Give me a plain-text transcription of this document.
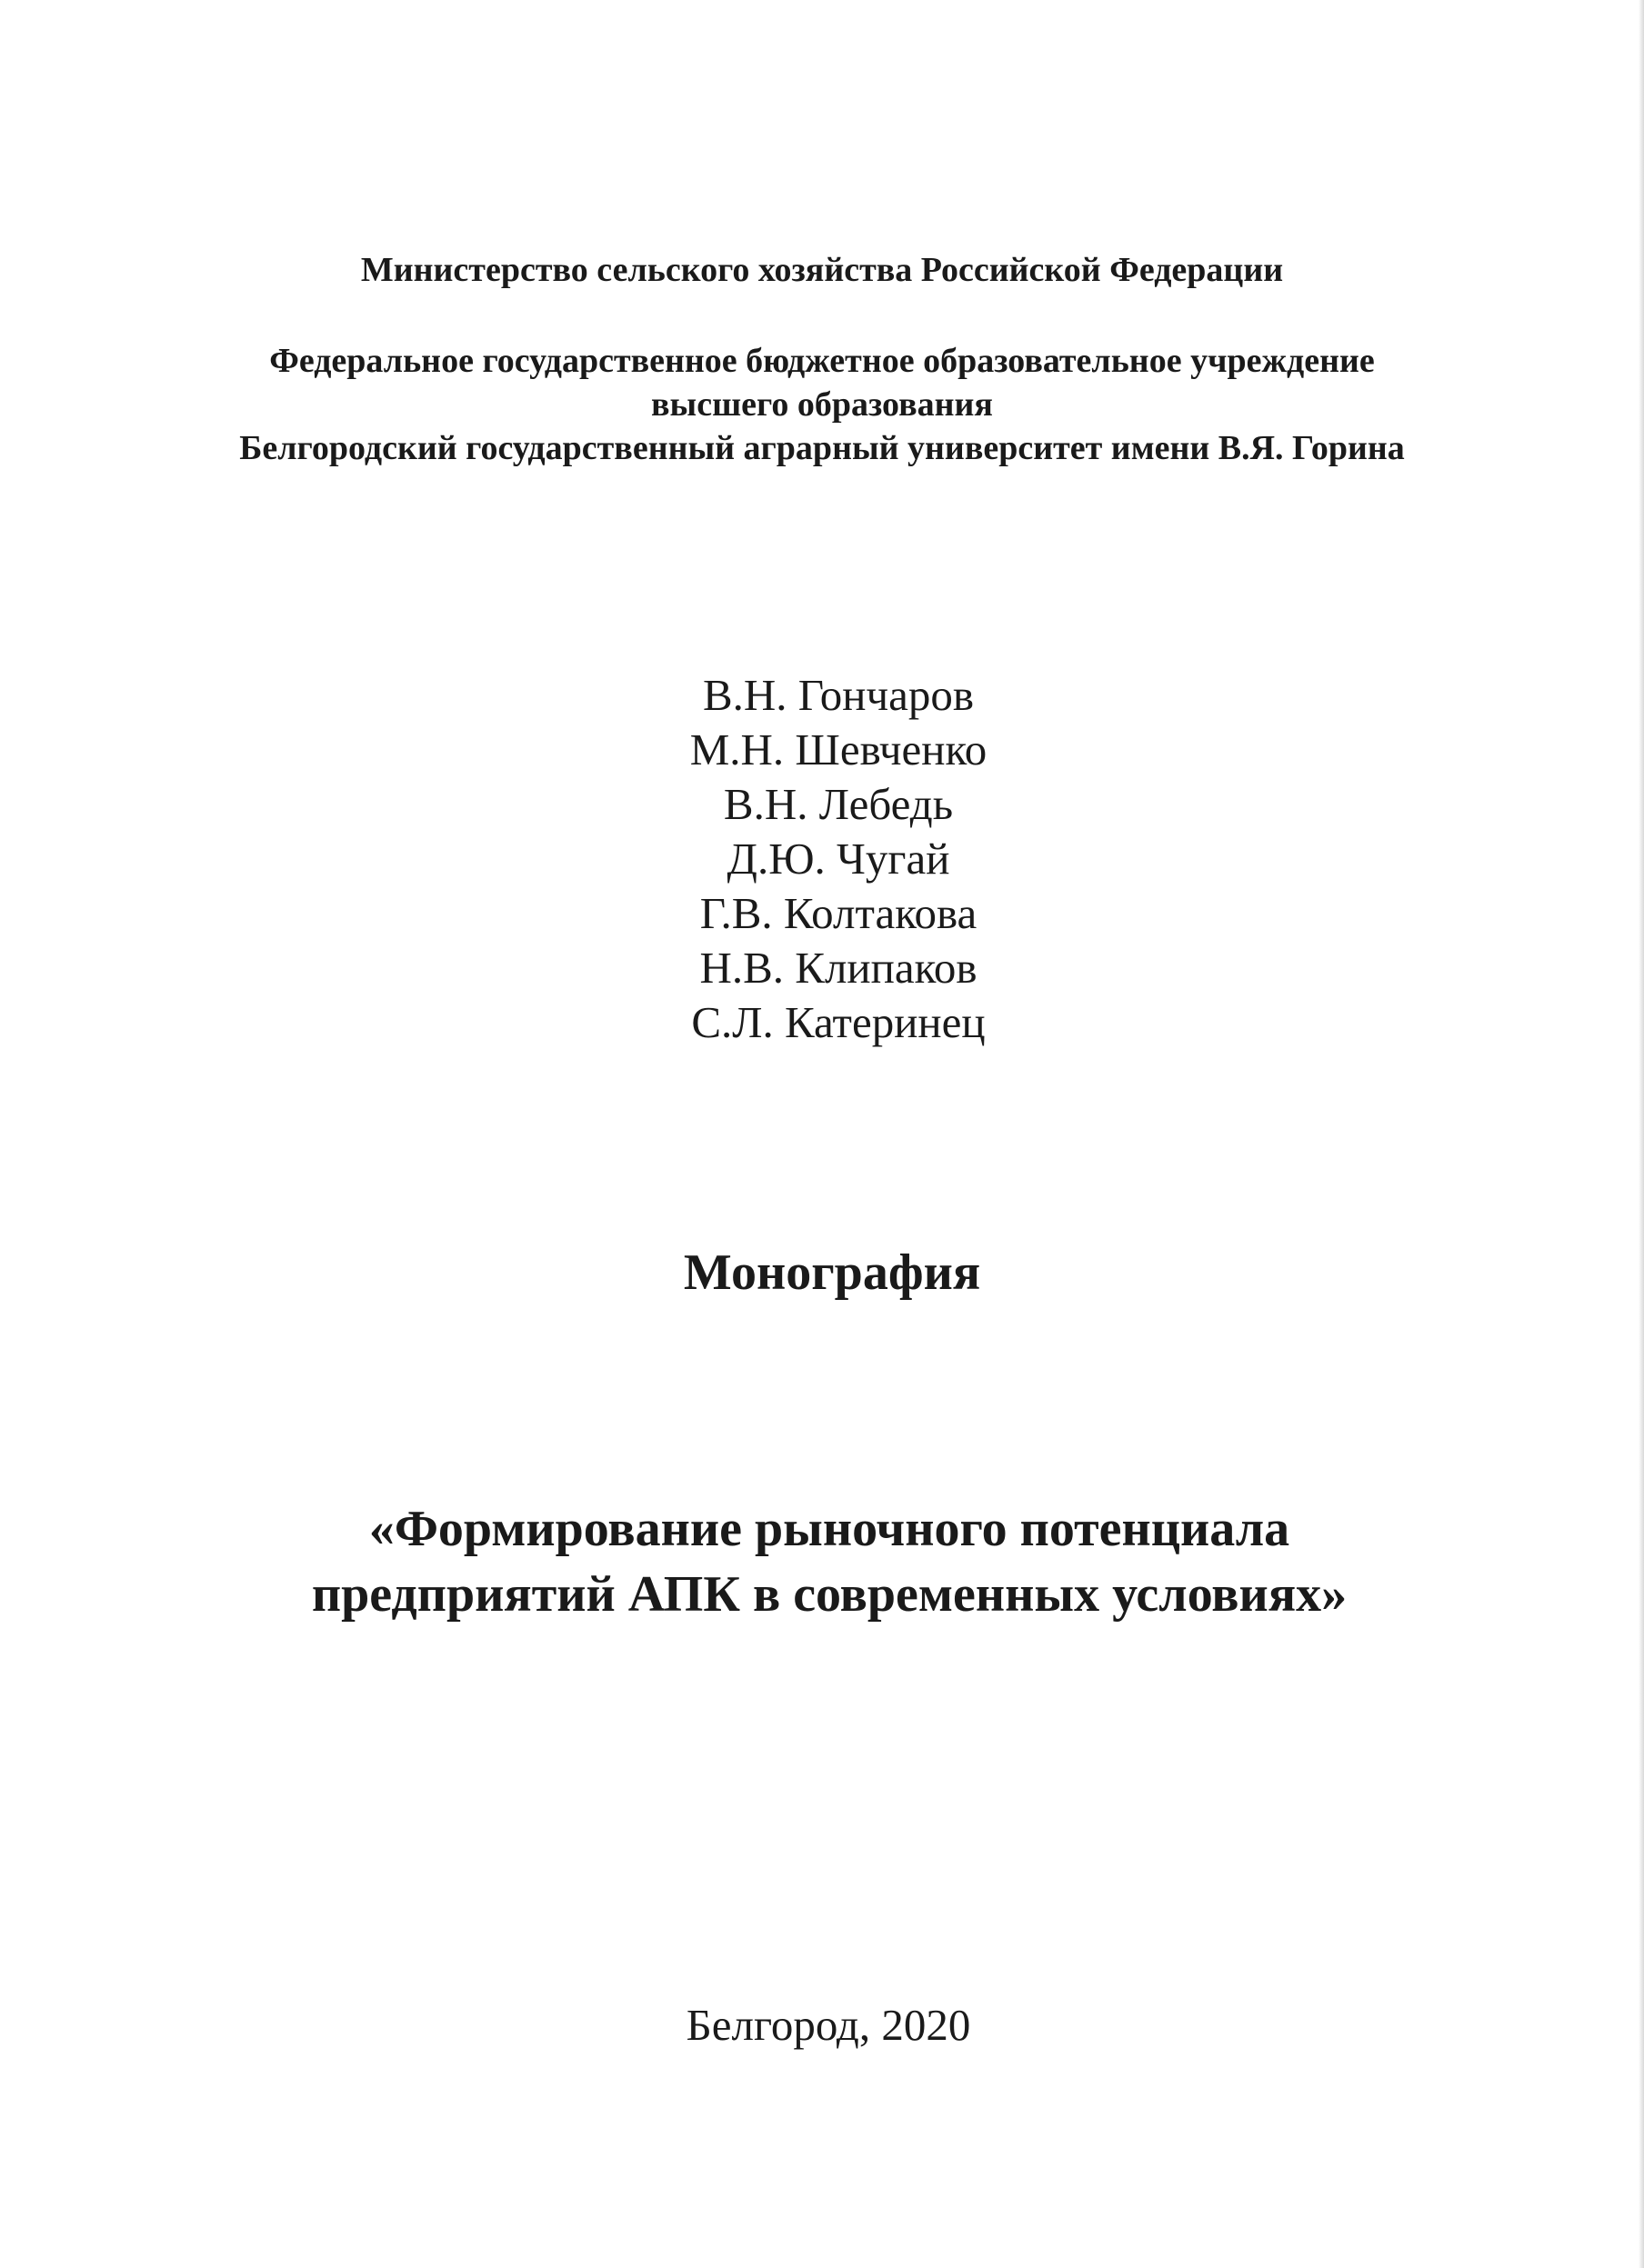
Министерство сельского хозяйства Российской Федерации
Федеральное государственное бюджетное образовательное учреждение
высшего образования
Белгородский государственный аграрный университет имени В.Я. Горина
В.Н. Гончаров
М.Н. Шевченко
В.Н. Лебедь
Д.Ю. Чугай
Г.В. Колтакова
Н.В. Клипаков
С.Л. Катеринец
Монография
«Формирование рыночного потенциала
предприятий АПК в современных условиях»
Белгород, 2020
